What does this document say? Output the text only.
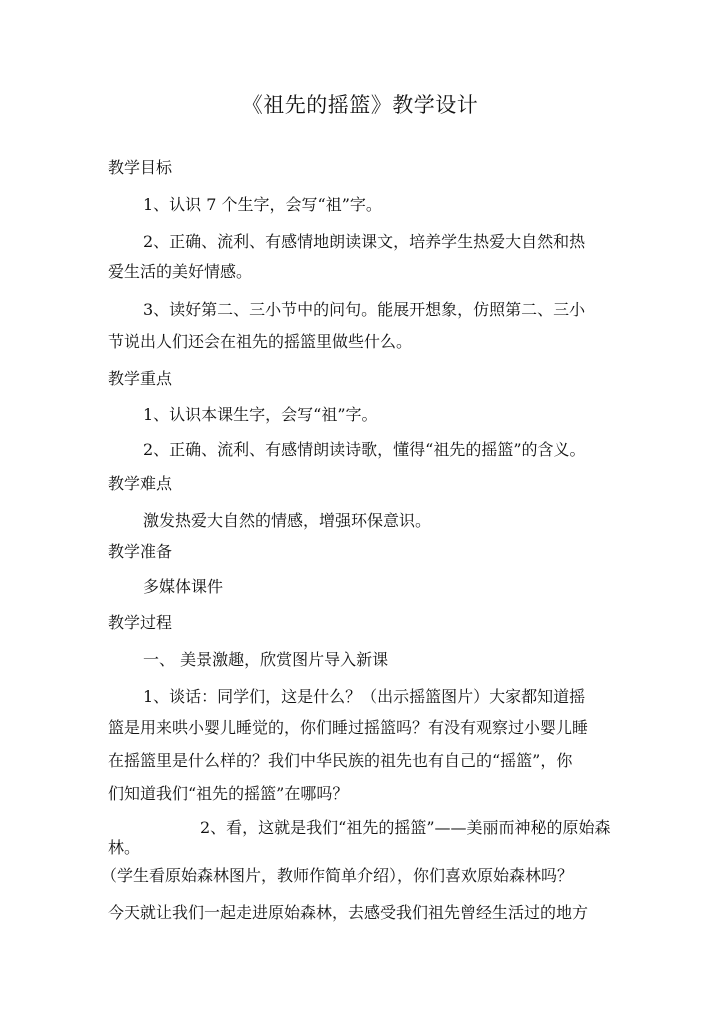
《祖先的摇篮》教学设计
教学目标
1、认识 7 个生字，会写“祖”字。
2、正确、流利、有感情地朗读课文，培养学生热爱大自然和热
爱生活的美好情感。
3、读好第二、三小节中的问句。能展开想象，仿照第二、三小
节说出人们还会在祖先的摇篮里做些什么。
教学重点
1、认识本课生字，会写“祖”字。
2、正确、流利、有感情朗读诗歌，懂得“祖先的摇篮”的含义。
教学难点
激发热爱大自然的情感，增强环保意识。
教学准备
多媒体课件
教学过程
一、 美景激趣，欣赏图片导入新课
1、谈话：同学们，这是什么？（出示摇篮图片）大家都知道摇
篮是用来哄小婴儿睡觉的，你们睡过摇篮吗？有没有观察过小婴儿睡
在摇篮里是什么样的？我们中华民族的祖先也有自己的“摇篮”，你
们知道我们“祖先的摇篮”在哪吗？
2、看，这就是我们“祖先的摇篮”——美丽而神秘的原始森
林。
（学生看原始森林图片，教师作简单介绍），你们喜欢原始森林吗？
今天就让我们一起走进原始森林，去感受我们祖先曾经生活过的地方
